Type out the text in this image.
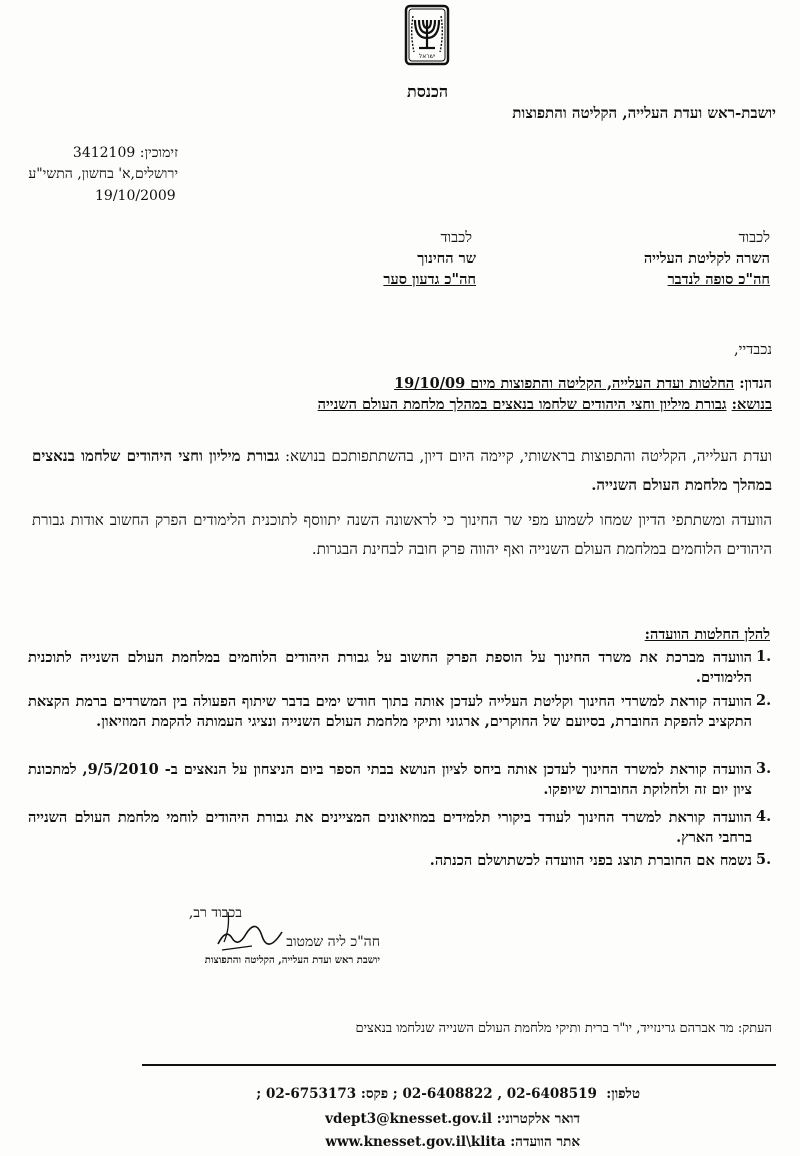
ישראל
הכנסת
יושבת-ראש ועדת העלייה, הקליטה והתפוצות
זימוכין: 3412109
ירושלים,א' בחשון, התשי"ע
19/10/2009
לכבוד
השרה לקליטת העלייה
חה"כ סופה לנדבר
לכבוד
שר החינוך
חה"כ גדעון סער
נכבדיי,
הנדון: החלטות ועדת העלייה, הקליטה והתפוצות מיום 19/10/09
בנושא: גבורת מיליון וחצי היהודים שלחמו בנאצים במהלך מלחמת העולם השנייה
ועדת העלייה, הקליטה והתפוצות בראשותי, קיימה היום דיון, בהשתתפותכם בנושא: גבורת מיליון וחצי היהודים שלחמו בנאצים במהלך מלחמת העולם השנייה.
הוועדה ומשתתפי הדיון שמחו לשמוע מפי שר החינוך כי לראשונה השנה יתווסף לתוכנית הלימודים הפרק החשוב אודות גבורת היהודים הלוחמים במלחמת העולם השנייה ואף יהווה פרק חובה לבחינת הבגרות.
להלן החלטות הוועדה:
1.
הוועדה מברכת את משרד החינוך על הוספת הפרק החשוב על גבורת היהודים הלוחמים במלחמת העולם השנייה לתוכנית הלימודים.
2.
הוועדה קוראת למשרדי החינוך וקליטת העלייה לעדכן אותה בתוך חודש ימים בדבר שיתוף הפעולה בין המשרדים ברמת הקצאת התקציב להפקת החוברת, בסיועם של החוקרים, ארגוני ותיקי מלחמת העולם השנייה ונציגי העמותה להקמת המוזיאון.
3.
הוועדה קוראת למשרד החינוך לעדכן אותה ביחס לציון הנושא בבתי הספר ביום הניצחון על הנאצים ב- 9/5/2010, למתכונת ציון יום זה ולחלוקת החוברות שיופקו.
4.
הוועדה קוראת למשרד החינוך לעודד ביקורי תלמידים במוזיאונים המציינים את גבורת היהודים לוחמי מלחמת העולם השנייה ברחבי הארץ.
5.
נשמח אם החוברת תוצג בפני הוועדה לכשתושלם הכנתה.
בכבוד רב,
חה"כ ליה שמטוב
יושבת ראש ועדת העלייה, הקליטה והתפוצות
העתק: מר אברהם גרינזייד, יו"ר ברית ותיקי מלחמת העולם השנייה שנלחמו בנאצים
טלפון:  02-6408519 , 02-6408822 ; פקס: 02-6753173 ;
דואר אלקטרוני: vdept3@knesset.gov.il
אתר הוועדה: www.knesset.gov.il\klita
